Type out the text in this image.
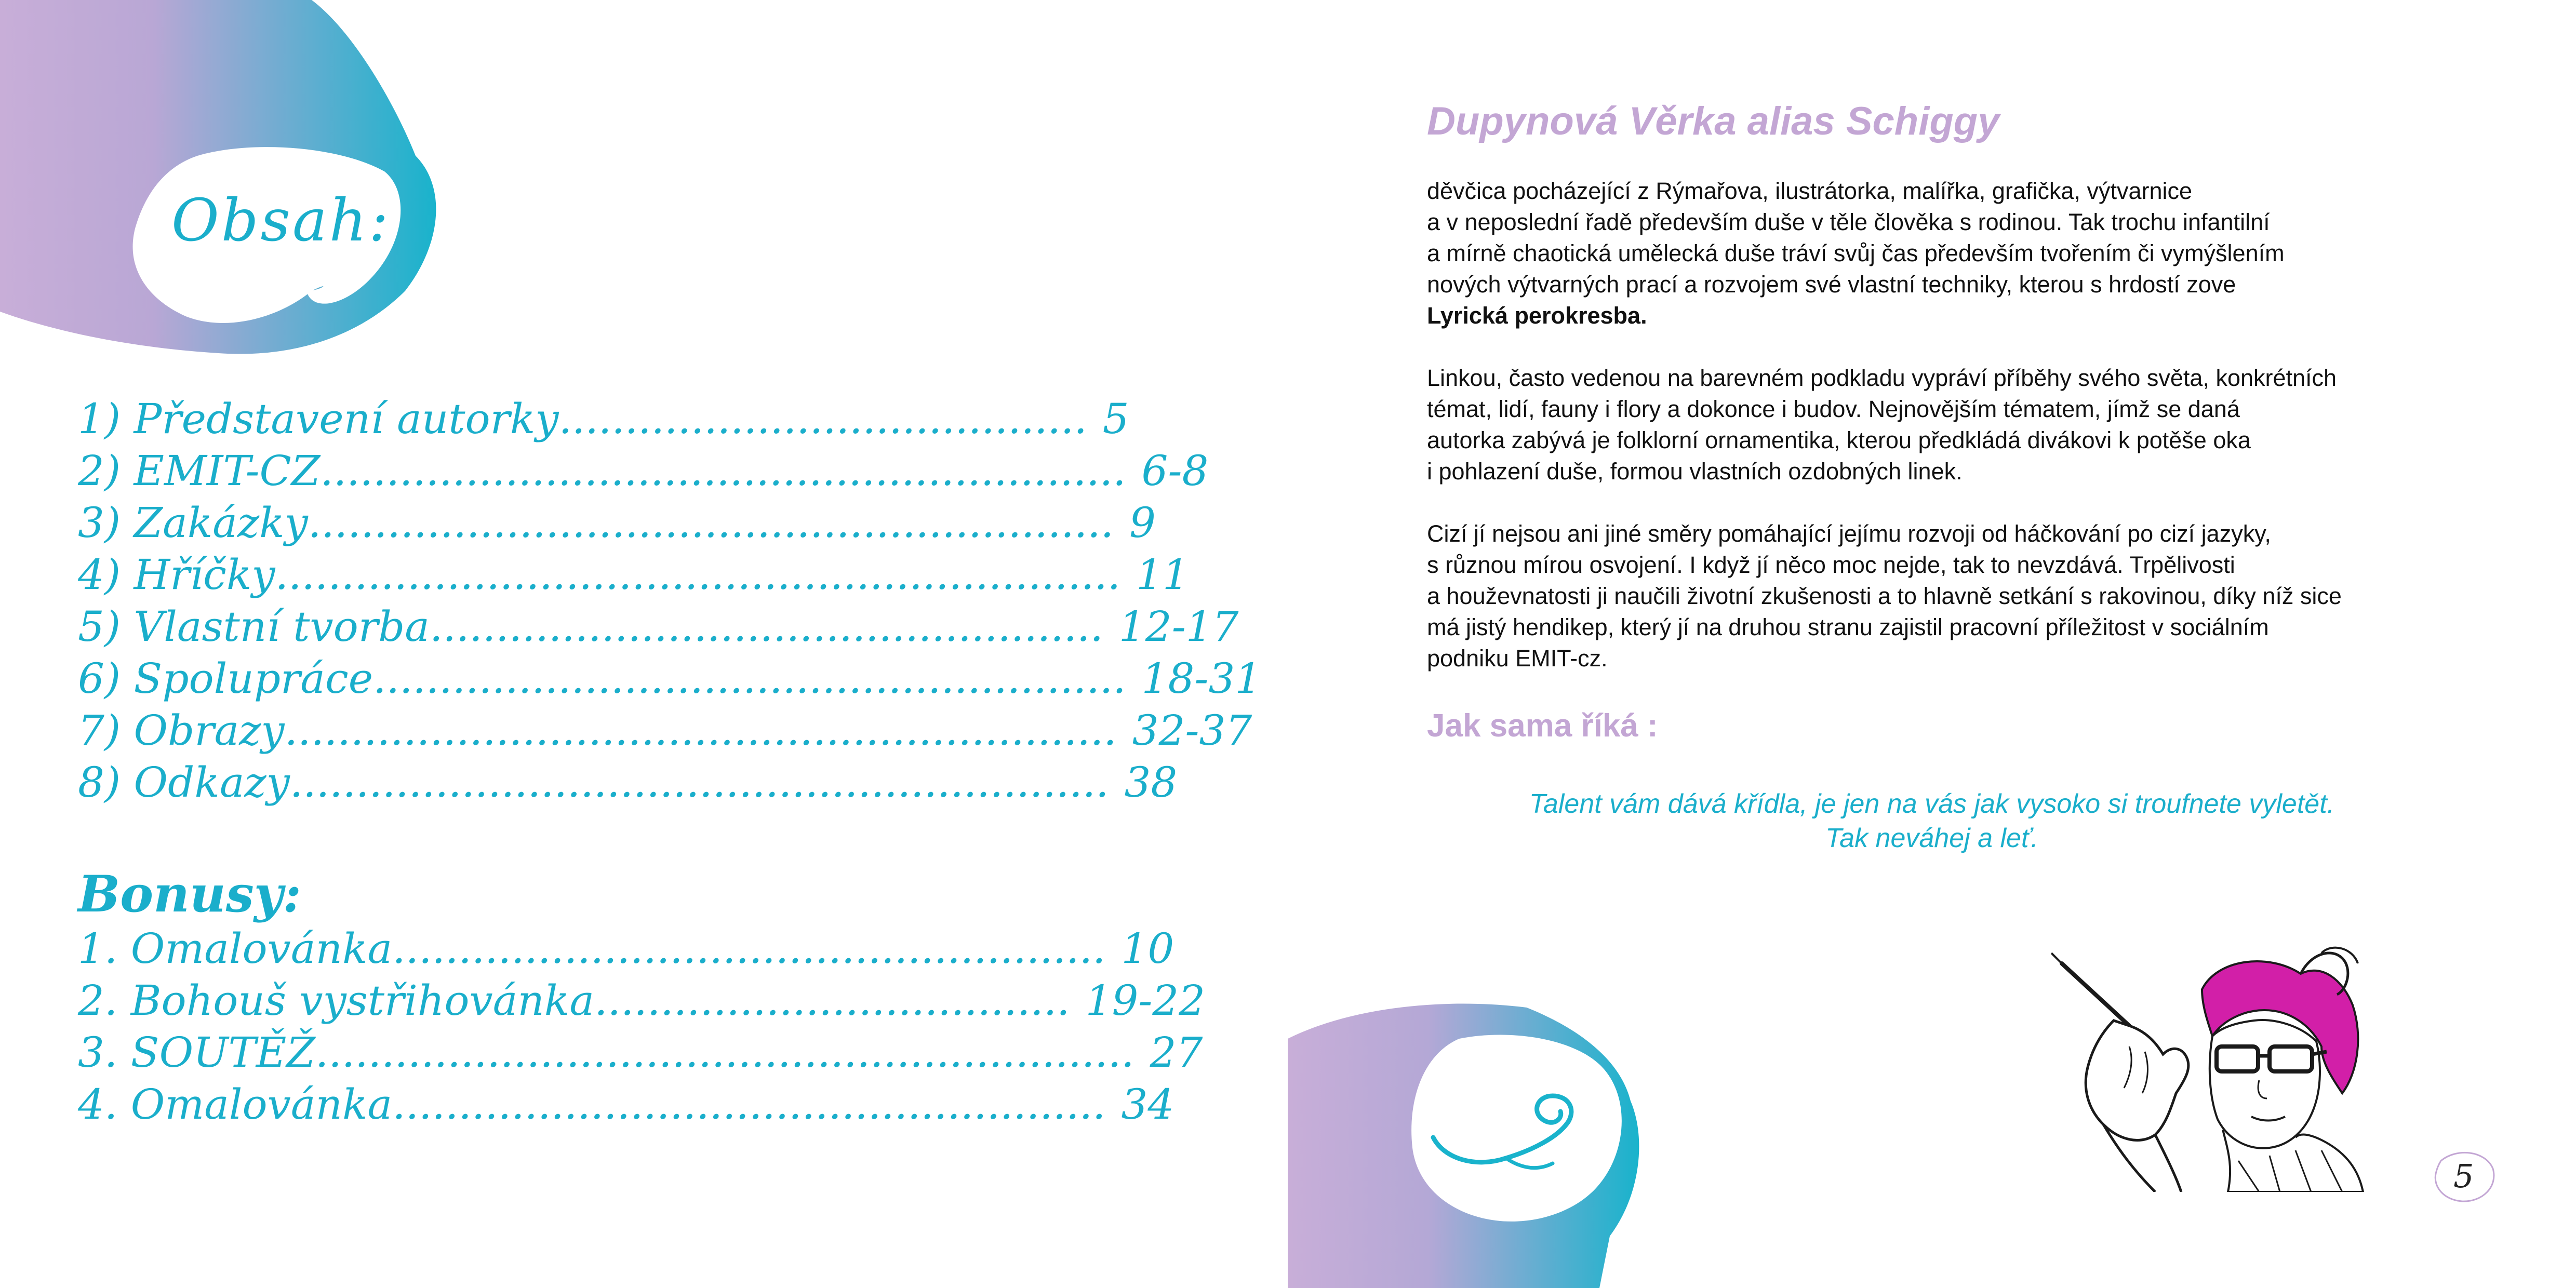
Obsah:
1) Představení autorky ........................................ 5
2) EMIT-CZ ............................................................. 6-8
3) Zakázky ............................................................. 9
4) Hříčky ................................................................ 11
5) Vlastní tvorba ................................................... 12-17
6) Spolupráce ......................................................... 18-31
7) Obrazy ............................................................... 32-37
8) Odkazy .............................................................. 38
Bonusy:
1. Omalovánka ...................................................... 10
2. Bohouš vystřihovánka .................................... 19-22
3. SOUTĚŽ .............................................................. 27
4. Omalovánka ...................................................... 34
Dupynová Věrka alias Schiggy

děvčica pocházející z Rýmařova, ilustrátorka, malířka, grafička, výtvarnice
a v neposlední řadě především duše v těle člověka s rodinou. Tak trochu infantilní
a mírně chaotická umělecká duše tráví svůj čas především tvořením či vymýšlením
nových výtvarných prací a rozvojem své vlastní techniky, kterou s hrdostí zove
Lyrická perokresba.

Linkou, často vedenou na barevném podkladu vypráví příběhy svého světa, konkrétních
témat, lidí, fauny i flory a dokonce i budov. Nejnovějším tématem, jímž se daná
autorka zabývá je folklorní ornamentika, kterou předkládá divákovi k potěše oka
i pohlazení duše, formou vlastních ozdobných linek.

Cizí jí nejsou ani jiné směry pomáhající jejímu rozvoji od háčkování po cizí jazyky,
s různou mírou osvojení. I když jí něco moc nejde, tak to nevzdává. Trpělivosti
a houževnatosti ji naučili životní zkušenosti a to hlavně setkání s rakovinou, díky níž sice
má jistý hendikep, který jí na druhou stranu zajistil pracovní příležitost v sociálním
podniku EMIT-cz.

Jak sama říká :
Talent vám dává křídla, je jen na vás jak vysoko si troufnete vyletět.
Tak neváhej a leť.
5
